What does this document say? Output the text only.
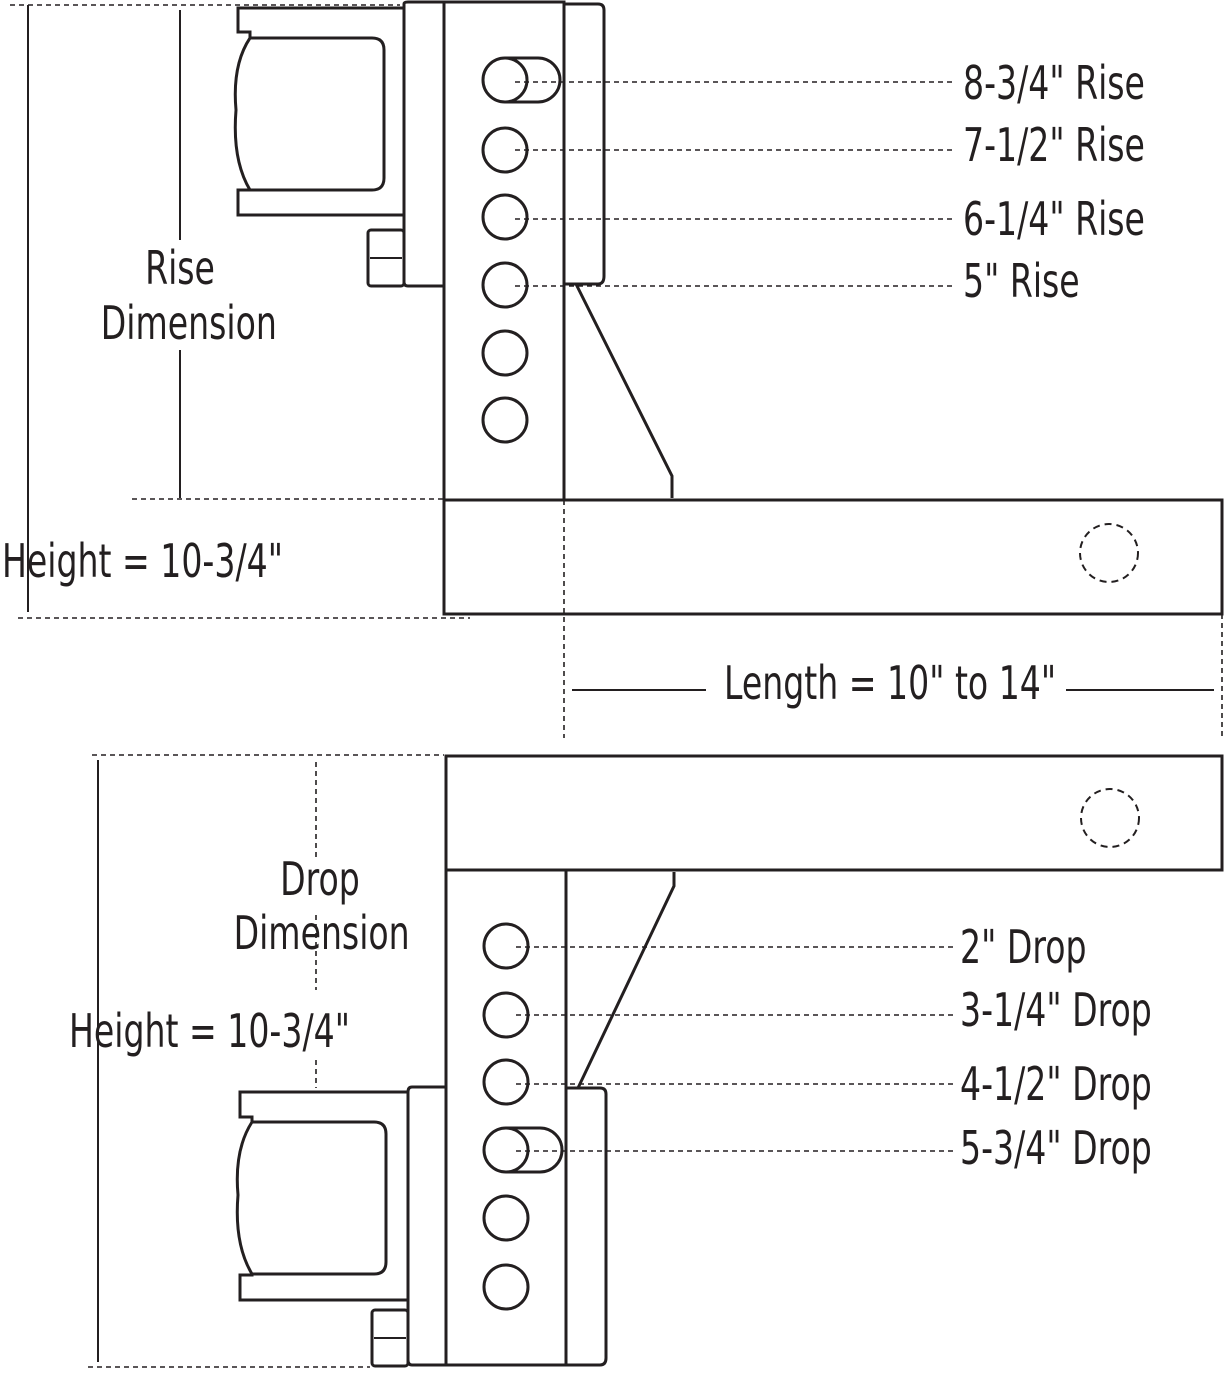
Rise
Dimension
Height = 10-3/4"
8-3/4" Rise
7-1/2" Rise
6-1/4" Rise
5" Rise
Length = 10" to 14"
Drop
Dimension
Height = 10-3/4"
2" Drop
3-1/4" Drop
4-1/2" Drop
5-3/4" Drop
